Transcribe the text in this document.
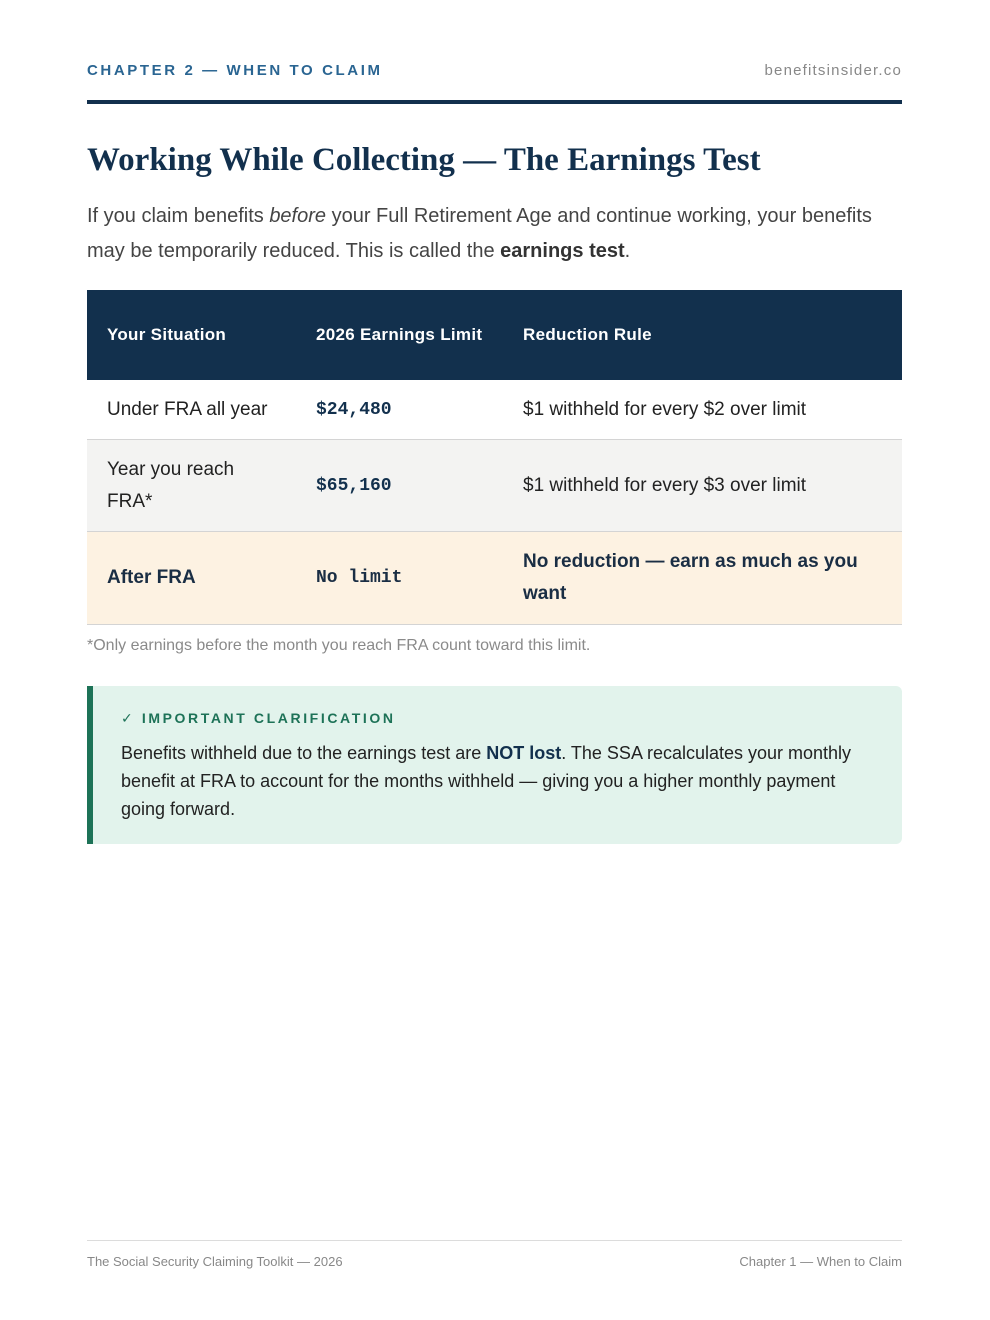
CHAPTER 2 — WHEN TO CLAIM	benefitsinsider.co
Working While Collecting — The Earnings Test

If you claim benefits before your Full Retirement Age and continue working, your benefits may be temporarily reduced. This is called the earnings test.

Your Situation	2026 Earnings Limit	Reduction Rule
Under FRA all year	$24,480	$1 withheld for every $2 over limit
Year you reach FRA*	$65,160	$1 withheld for every $3 over limit
After FRA	No limit	No reduction — earn as much as you want
*Only earnings before the month you reach FRA count toward this limit.
✓ IMPORTANT CLARIFICATION
Benefits withheld due to the earnings test are NOT lost. The SSA recalculates your monthly benefit at FRA to account for the months withheld — giving you a higher monthly payment going forward.
The Social Security Claiming Toolkit — 2026	Chapter 1 — When to Claim
